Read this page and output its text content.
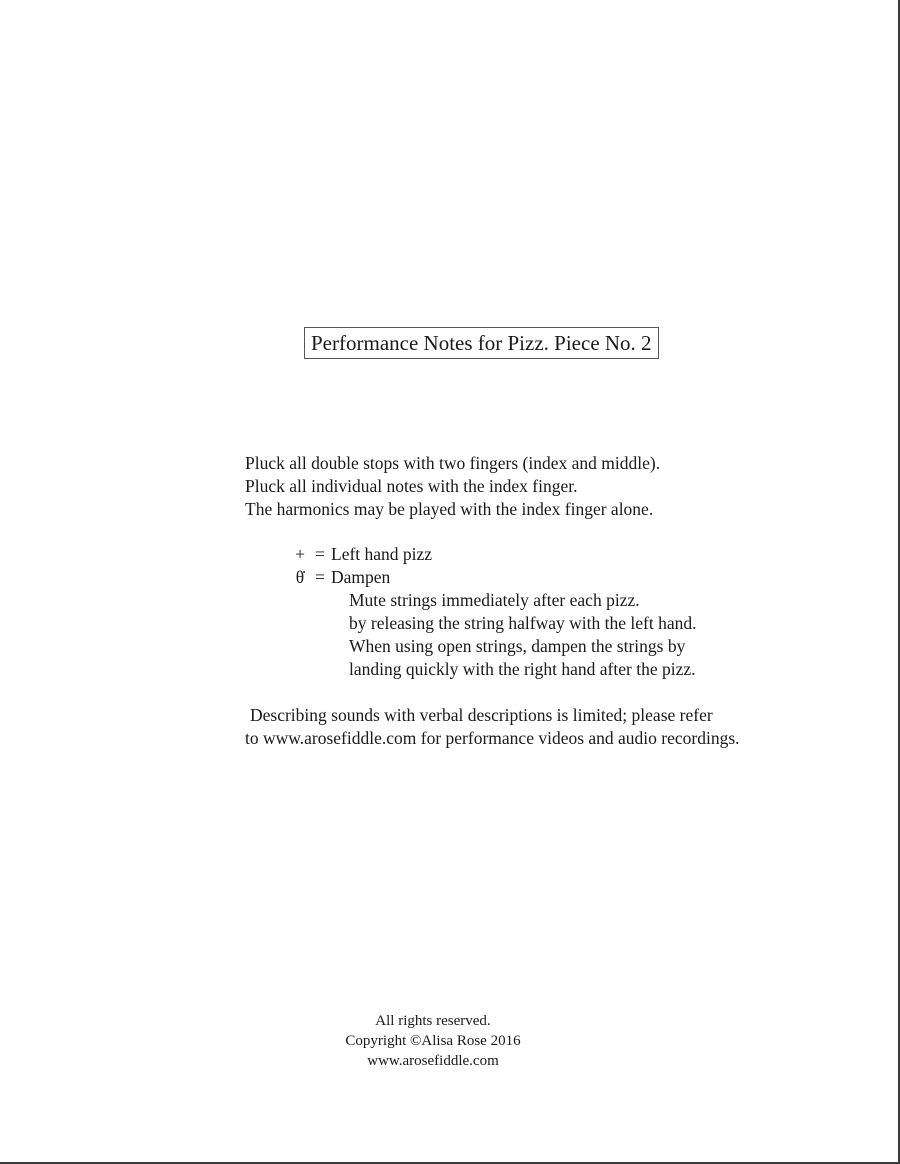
Performance Notes for Pizz. Piece No. 2
Pluck all double stops with two fingers (index and middle).
Pluck all individual notes with the index finger.
The harmonics may be played with the index finger alone.
+ = Left hand pizz
θ̇ = Dampen
Mute strings immediately after each pizz.
by releasing the string halfway with the left hand.
When using open strings, dampen the strings by
landing quickly with the right hand after the pizz.
Describing sounds with verbal descriptions is limited; please refer
to www.arosefiddle.com for performance videos and audio recordings.
All rights reserved.
Copyright ©Alisa Rose 2016
www.arosefiddle.com
